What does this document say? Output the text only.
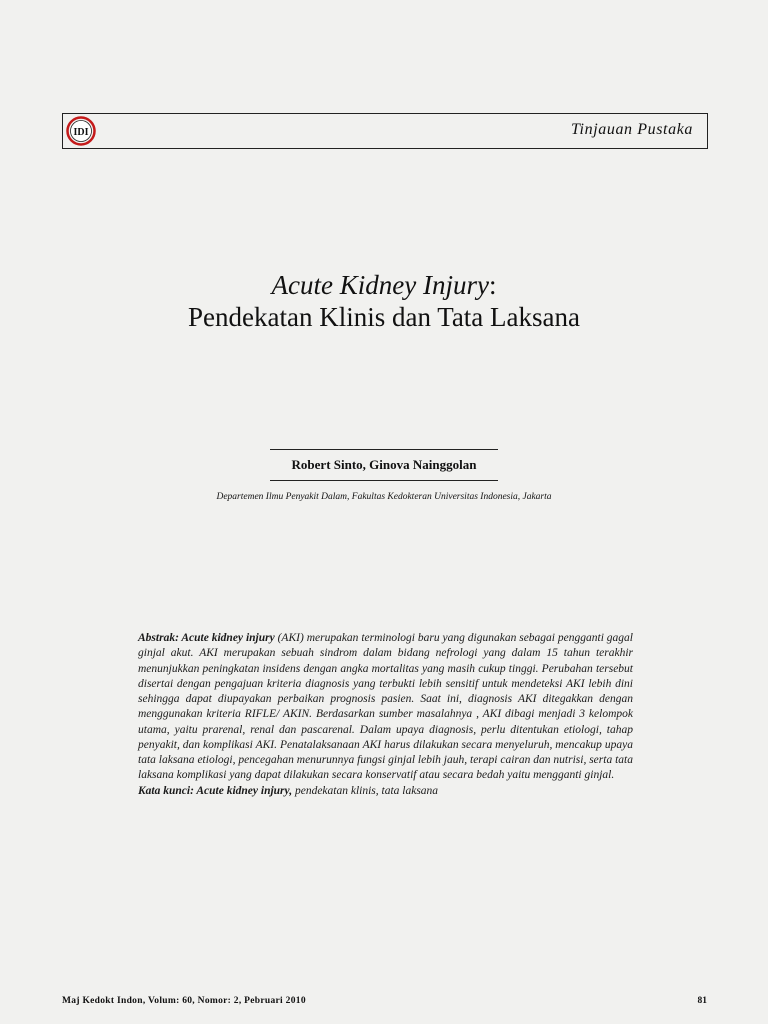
IDI	Tinjauan Pustaka
Acute Kidney Injury:
Pendekatan Klinis dan Tata Laksana
Robert Sinto, Ginova Nainggolan
Departemen Ilmu Penyakit Dalam, Fakultas Kedokteran Universitas Indonesia, Jakarta

Abstrak: Acute kidney injury (AKI) merupakan terminologi baru yang digunakan sebagai pengganti gagal ginjal akut. AKI merupakan sebuah sindrom dalam bidang nefrologi yang dalam 15 tahun terakhir menunjukkan peningkatan insidens dengan angka mortalitas yang masih cukup tinggi. Perubahan tersebut disertai dengan pengajuan kriteria diagnosis yang terbukti lebih sensitif untuk mendeteksi AKI lebih dini sehingga dapat diupayakan perbaikan prognosis pasien. Saat ini, diagnosis AKI ditegakkan dengan menggunakan kriteria RIFLE/ AKIN. Berdasarkan sumber masalahnya , AKI dibagi menjadi 3 kelompok utama, yaitu prarenal, renal dan pascarenal. Dalam upaya diagnosis, perlu ditentukan etiologi, tahap penyakit, dan komplikasi AKI. Penatalaksanaan AKI harus dilakukan secara menyeluruh, mencakup upaya tata laksana etiologi, pencegahan menurunnya fungsi ginjal lebih jauh, terapi cairan dan nutrisi, serta tata laksana komplikasi yang dapat dilakukan secara konservatif atau secara bedah yaitu mengganti ginjal.

Kata kunci: Acute kidney injury, pendekatan klinis, tata laksana

Maj Kedokt Indon, Volum: 60, Nomor: 2, Pebruari 2010	81
